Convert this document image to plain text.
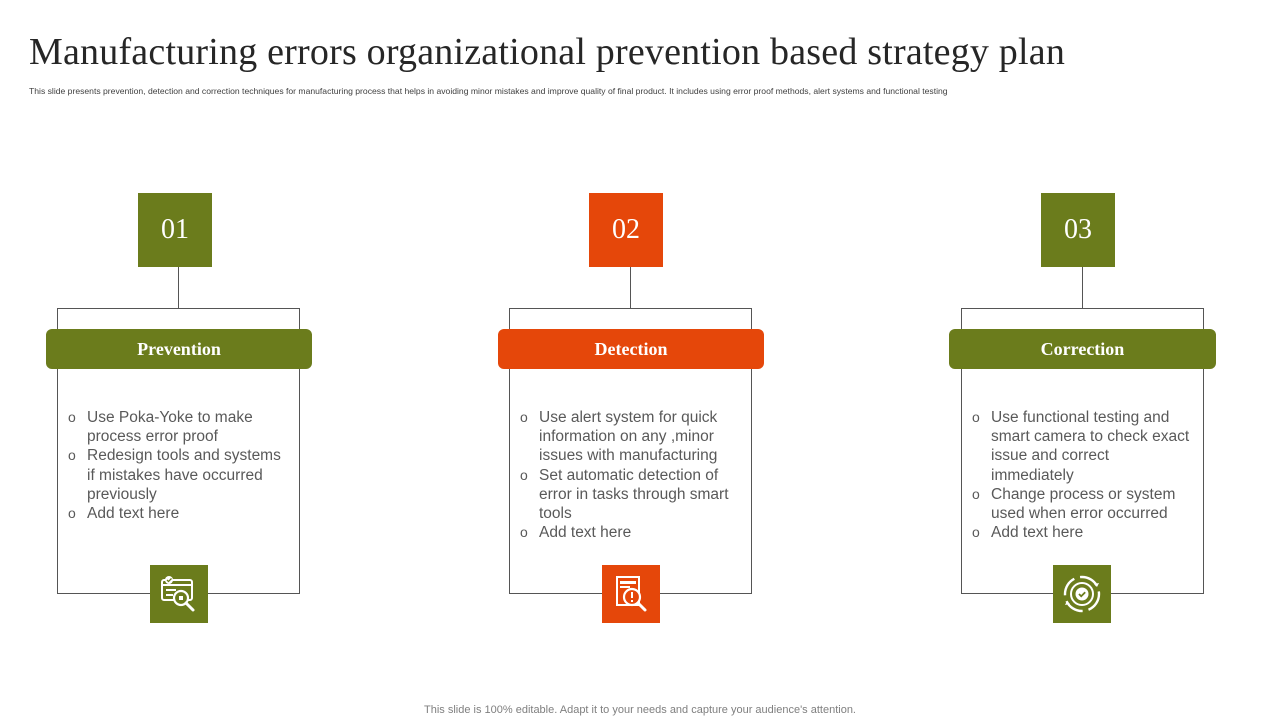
Manufacturing errors organizational prevention based strategy plan
This slide presents prevention, detection and correction techniques for manufacturing process that helps in avoiding minor mistakes and improve quality of final product. It includes using error proof methods, alert systems and functional testing
01
Prevention
o Use Poka-Yoke to make process error proof
o Redesign tools and systems if mistakes have occurred previously
o Add text here
02
Detection
o Use alert system for quick information on any ,minor issues with manufacturing
o Set automatic detection of error in tasks through smart tools
o Add text here
03
Correction
o Use functional testing and smart camera to check exact issue and correct immediately
o Change process or system used when error occurred
o Add text here
This slide is 100% editable. Adapt it to your needs and capture your audience's attention.
